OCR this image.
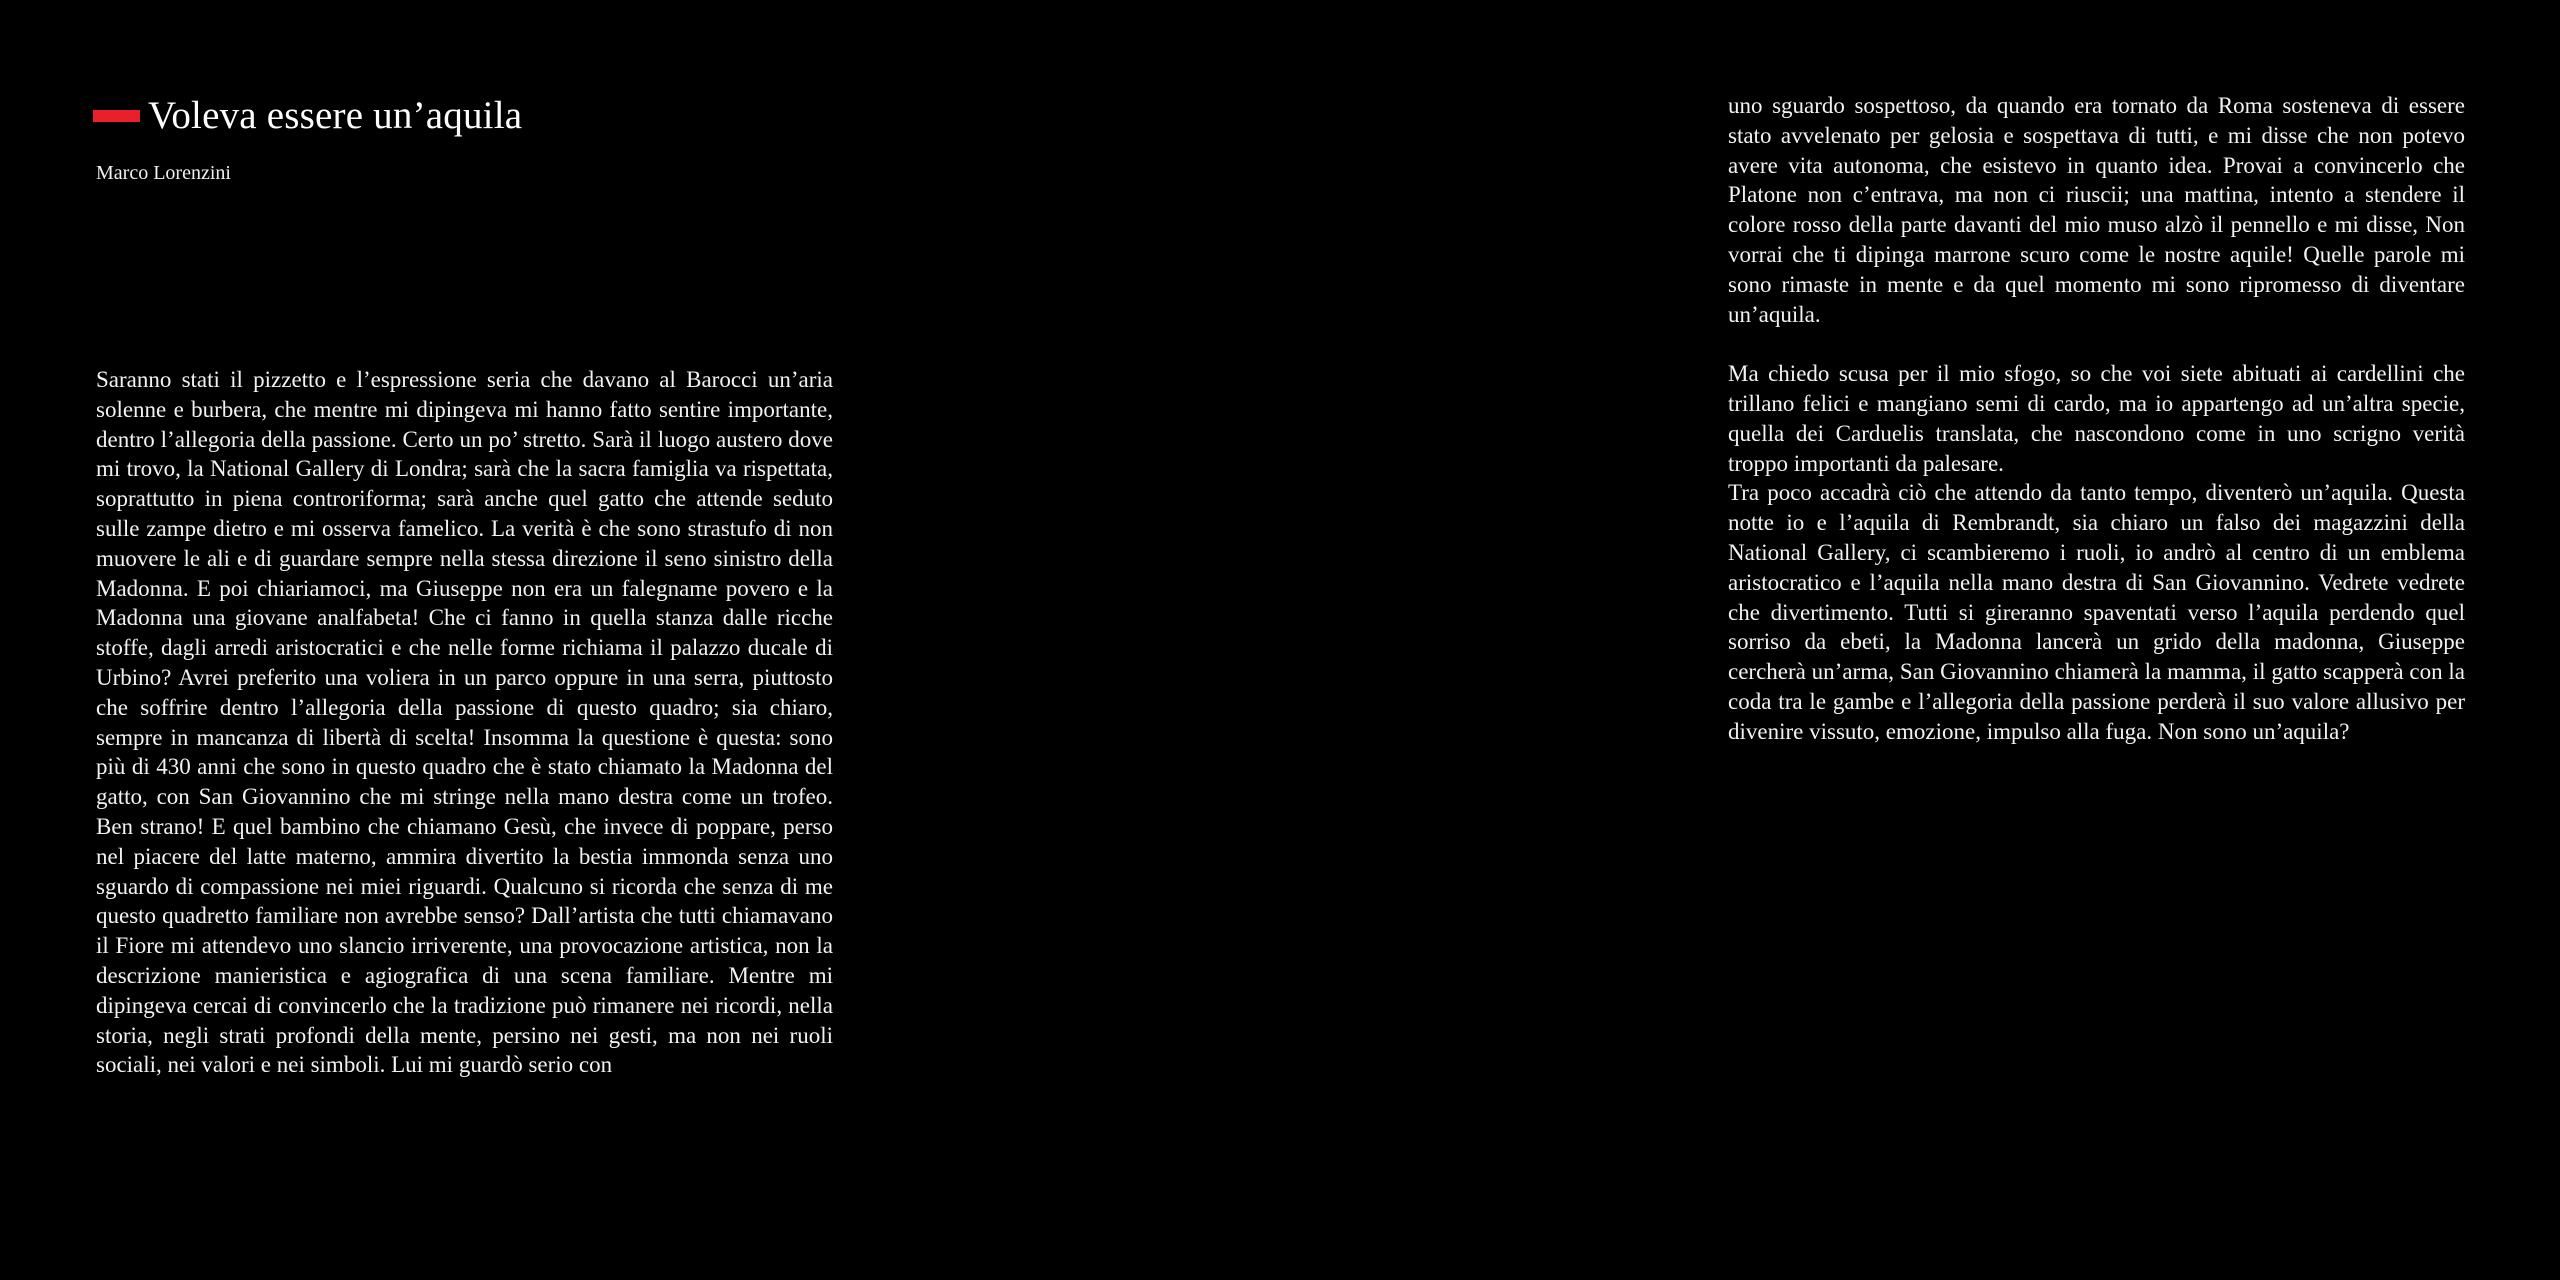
Voleva essere un’aquila
Marco Lorenzini

Saranno stati il pizzetto e l’espressione seria che davano al Barocci un’aria solenne e burbera, che mentre mi dipingeva mi hanno fatto sentire importante, dentro l’allegoria della passione. Certo un po’ stretto. Sarà il luogo austero dove mi trovo, la National Gallery di Londra; sarà che la sacra famiglia va rispettata, soprattutto in piena controriforma; sarà anche quel gatto che attende seduto sulle zampe dietro e mi osserva famelico. La verità è che sono strastufo di non muovere le ali e di guardare sempre nella stessa direzione il seno sinistro della Madonna. E poi chiariamoci, ma Giuseppe non era un falegname povero e la Madonna una giovane analfabeta! Che ci fanno in quella stanza dalle ricche stoffe, dagli arredi aristocratici e che nelle forme richiama il palazzo ducale di Urbino? Avrei preferito una voliera in un parco oppure in una serra, piuttosto che soffrire dentro l’allegoria della passione di questo quadro; sia chiaro, sempre in mancanza di libertà di scelta! Insomma la questione è questa: sono più di 430 anni che sono in questo quadro che è stato chiamato la Madonna del gatto, con San Giovannino che mi stringe nella mano destra come un trofeo. Ben strano! E quel bambino che chiamano Gesù, che invece di poppare, perso nel piacere del latte materno, ammira divertito la bestia immonda senza uno sguardo di compassione nei miei riguardi. Qualcuno si ricorda che senza di me questo quadretto familiare non avrebbe senso? Dall’artista che tutti chiamavano il Fiore mi attendevo uno slancio irriverente, una provocazione artistica, non la descrizione manieristica e agiografica di una scena familiare. Mentre mi dipingeva cercai di convincerlo che la tradizione può rimanere nei ricordi, nella storia, negli strati profondi della mente, persino nei gesti, ma non nei ruoli sociali, nei valori e nei simboli. Lui mi guardò serio con

uno sguardo sospettoso, da quando era tornato da Roma sosteneva di essere stato avvelenato per gelosia e sospettava di tutti, e mi disse che non potevo avere vita autonoma, che esistevo in quanto idea. Provai a convincerlo che Platone non c’entrava, ma non ci riuscii; una mattina, intento a stendere il colore rosso della parte davanti del mio muso alzò il pennello e mi disse, Non vorrai che ti dipinga marrone scuro come le nostre aquile! Quelle parole mi sono rimaste in mente e da quel momento mi sono ripromesso di diventare un’aquila.

Ma chiedo scusa per il mio sfogo, so che voi siete abituati ai cardellini che trillano felici e mangiano semi di cardo, ma io appartengo ad un’altra specie, quella dei Carduelis translata, che nascondono come in uno scrigno verità troppo importanti da palesare.

Tra poco accadrà ciò che attendo da tanto tempo, diventerò un’aquila. Questa notte io e l’aquila di Rembrandt, sia chiaro un falso dei magazzini della National Gallery, ci scambieremo i ruoli, io andrò al centro di un emblema aristocratico e l’aquila nella mano destra di San Giovannino. Vedrete vedrete che divertimento. Tutti si gireranno spaventati verso l’aquila perdendo quel sorriso da ebeti, la Madonna lancerà un grido della madonna, Giuseppe cercherà un’arma, San Giovannino chiamerà la mamma, il gatto scapperà con la coda tra le gambe e l’allegoria della passione perderà il suo valore allusivo per divenire vissuto, emozione, impulso alla fuga. Non sono un’aquila?
